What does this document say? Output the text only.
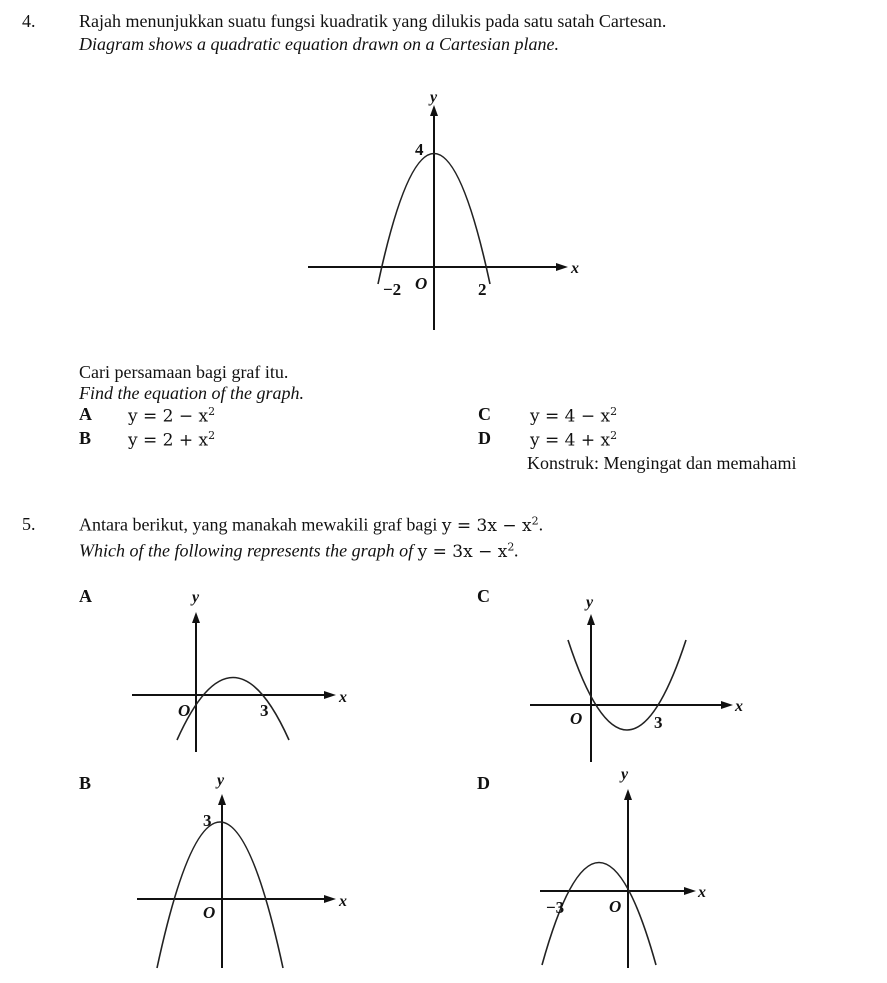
4. Rajah menunjukkan suatu fungsi kuadratik yang dilukis pada satu satah Cartesan.
Diagram shows a quadratic equation drawn on a Cartesian plane.
y
x
4
O
−2	2
Cari persamaan bagi graf itu.
Find the equation of the graph.
A $y = 2 - x^2$
B $y = 2 + x^2$
C $y = 4 - x^2$
D $y = 4 + x^2$
Konstruk: Mengingat dan memahami
5. Antara berikut, yang manakah mewakili graf bagi $y = 3x - x^2$.
Which of the following represents the graph of $y = 3x - x^2$.
A	C
B	D
y
x
O	3
y
x
O	3
y
x
3
O
y
x
−3	O
